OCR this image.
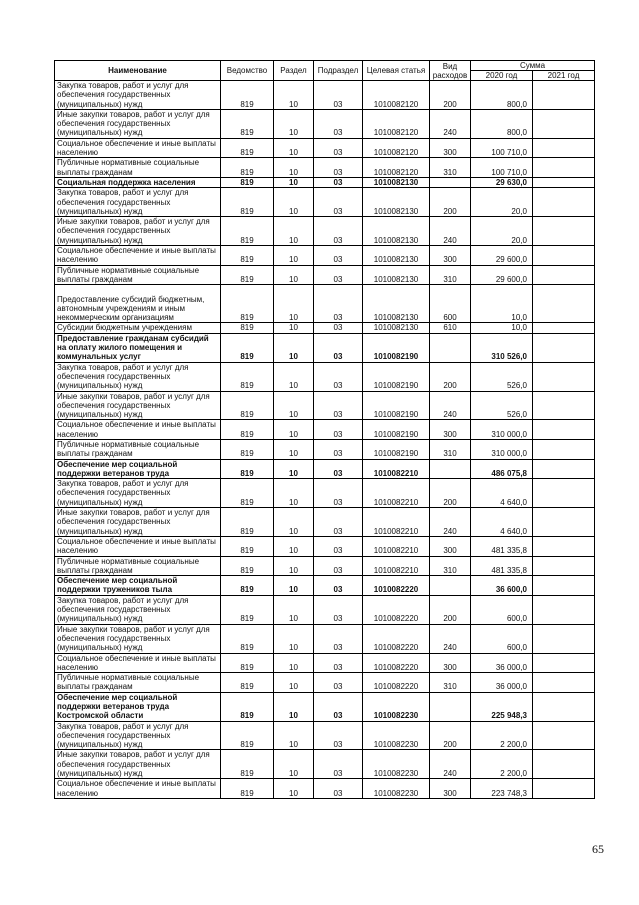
Наименование	Ведомство	Раздел	Подраздел	Целевая статья	Вид расходов	Сумма	
						2020 год	2021 год
Закупка товаров, работ и услуг для обеспечения государственных (муниципальных) нужд	819	10	03	1010082120	200	800,0	
Иные закупки товаров, работ и услуг для обеспечения государственных (муниципальных) нужд	819	10	03	1010082120	240	800,0	
Социальное обеспечение и иные выплаты населению	819	10	03	1010082120	300	100 710,0	
Публичные нормативные социальные выплаты гражданам	819	10	03	1010082120	310	100 710,0	
Социальная поддержка населения	819	10	03	1010082130		29 630,0	
Закупка товаров, работ и услуг для обеспечения государственных (муниципальных) нужд	819	10	03	1010082130	200	20,0	
Иные закупки товаров, работ и услуг для обеспечения государственных (муниципальных) нужд	819	10	03	1010082130	240	20,0	
Социальное обеспечение и иные выплаты населению	819	10	03	1010082130	300	29 600,0	
Публичные нормативные социальные выплаты гражданам	819	10	03	1010082130	310	29 600,0	
Предоставление субсидий бюджетным, автономным учреждениям и иным некоммерческим организациям	819	10	03	1010082130	600	10,0	
Субсидии бюджетным учреждениям	819	10	03	1010082130	610	10,0	
Предоставление гражданам субсидий на оплату жилого помещения и коммунальных услуг	819	10	03	1010082190		310 526,0	
Закупка товаров, работ и услуг для обеспечения государственных (муниципальных) нужд	819	10	03	1010082190	200	526,0	
Иные закупки товаров, работ и услуг для обеспечения государственных (муниципальных) нужд	819	10	03	1010082190	240	526,0	
Социальное обеспечение и иные выплаты населению	819	10	03	1010082190	300	310 000,0	
Публичные нормативные социальные выплаты гражданам	819	10	03	1010082190	310	310 000,0	
Обеспечение мер социальной поддержки ветеранов труда	819	10	03	1010082210		486 075,8	
Закупка товаров, работ и услуг для обеспечения государственных (муниципальных) нужд	819	10	03	1010082210	200	4 640,0	
Иные закупки товаров, работ и услуг для обеспечения государственных (муниципальных) нужд	819	10	03	1010082210	240	4 640,0	
Социальное обеспечение и иные выплаты населению	819	10	03	1010082210	300	481 335,8	
Публичные нормативные социальные выплаты гражданам	819	10	03	1010082210	310	481 335,8	
Обеспечение мер социальной поддержки тружеников тыла	819	10	03	1010082220		36 600,0	
Закупка товаров, работ и услуг для обеспечения государственных (муниципальных) нужд	819	10	03	1010082220	200	600,0	
Иные закупки товаров, работ и услуг для обеспечения государственных (муниципальных) нужд	819	10	03	1010082220	240	600,0	
Социальное обеспечение и иные выплаты населению	819	10	03	1010082220	300	36 000,0	
Публичные нормативные социальные выплаты гражданам	819	10	03	1010082220	310	36 000,0	
Обеспечение мер социальной поддержки ветеранов труда Костромской области	819	10	03	1010082230		225 948,3	
Закупка товаров, работ и услуг для обеспечения государственных (муниципальных) нужд	819	10	03	1010082230	200	2 200,0	
Иные закупки товаров, работ и услуг для обеспечения государственных (муниципальных) нужд	819	10	03	1010082230	240	2 200,0	
Социальное обеспечение и иные выплаты населению	819	10	03	1010082230	300	223 748,3	
65
